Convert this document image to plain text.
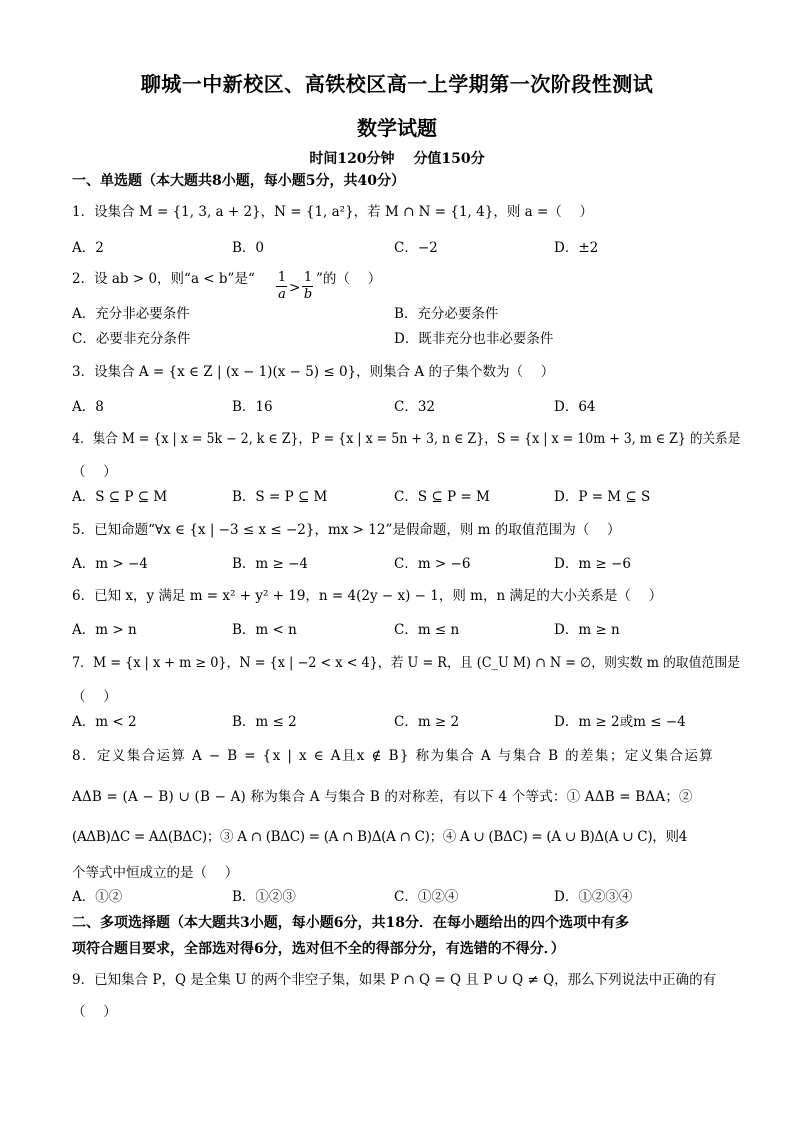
聊城一中新校区、高铁校区高一上学期第一次阶段性测试
数学试题
时间120分钟　 分值150分
一、单选题（本大题共8小题，每小题5分，共40分）
1．设集合 M = {1, 3, a + 2}，N = {1, a²}，若 M ∩ N = {1, 4}，则 a =（　 ）
A．2	B．0	C．−2	D．±2
2．设 ab > 0，则“a < b”是“ 1
a >
1
b
”的（　 ）
A．充分非必要条件	B．充分必要条件
C．必要非充分条件	D．既非充分也非必要条件
3．设集合 A = {x ∈ Z | (x − 1)(x − 5) ≤ 0}，则集合 A 的子集个数为（　 ）
A．8	B．16	C．32	D．64
4．集合 M = {x | x = 5k − 2, k ∈ Z}，P = {x | x = 5n + 3, n ∈ Z}，S = {x | x = 10m + 3, m ∈ Z} 的关系是
（　 ）
A．S ⊆ P ⊆ M	B．S = P ⊆ M	C．S ⊆ P = M	D．P = M ⊆ S
5．已知命题“∀x ∈ {x | −3 ≤ x ≤ −2}，mx > 12”是假命题，则 m 的取值范围为（　 ）
A．m > −4	B．m ≥ −4	C．m > −6	D．m ≥ −6
6．已知 x，y 满足 m = x² + y² + 19，n = 4(2y − x) − 1，则 m，n 满足的大小关系是（　 ）
A．m > n	B．m < n	C．m ≤ n	D．m ≥ n
7．M = {x | x + m ≥ 0}，N = {x | −2 < x < 4}，若 U = R，且 (C_U M) ∩ N = ∅，则实数 m 的取值范围是
（　 ）
A．m < 2	B．m ≤ 2	C．m ≥ 2	D．m ≥ 2或m ≤ −4
8．定义集合运算 A − B = {x | x ∈ A且x ∉ B} 称为集合 A 与集合 B 的差集；定义集合运算
AΔB = (A − B) ∪ (B − A) 称为集合 A 与集合 B 的对称差，有以下 4 个等式：① AΔB = BΔA；②
(AΔB)ΔC = AΔ(BΔC)；③ A ∩ (BΔC) = (A ∩ B)Δ(A ∩ C)；④ A ∪ (BΔC) = (A ∪ B)Δ(A ∪ C)，则4
个等式中恒成立的是（　 ）
A．①②	B．①②③	C．①②④	D．①②③④
二、多项选择题（本大题共3小题，每小题6分，共18分．在每小题给出的四个选项中有多
项符合题目要求，全部选对得6分，选对但不全的得部分分，有选错的不得分．）
9．已知集合 P，Q 是全集 U 的两个非空子集，如果 P ∩ Q = Q 且 P ∪ Q ≠ Q，那么下列说法中正确的有
（　 ）
